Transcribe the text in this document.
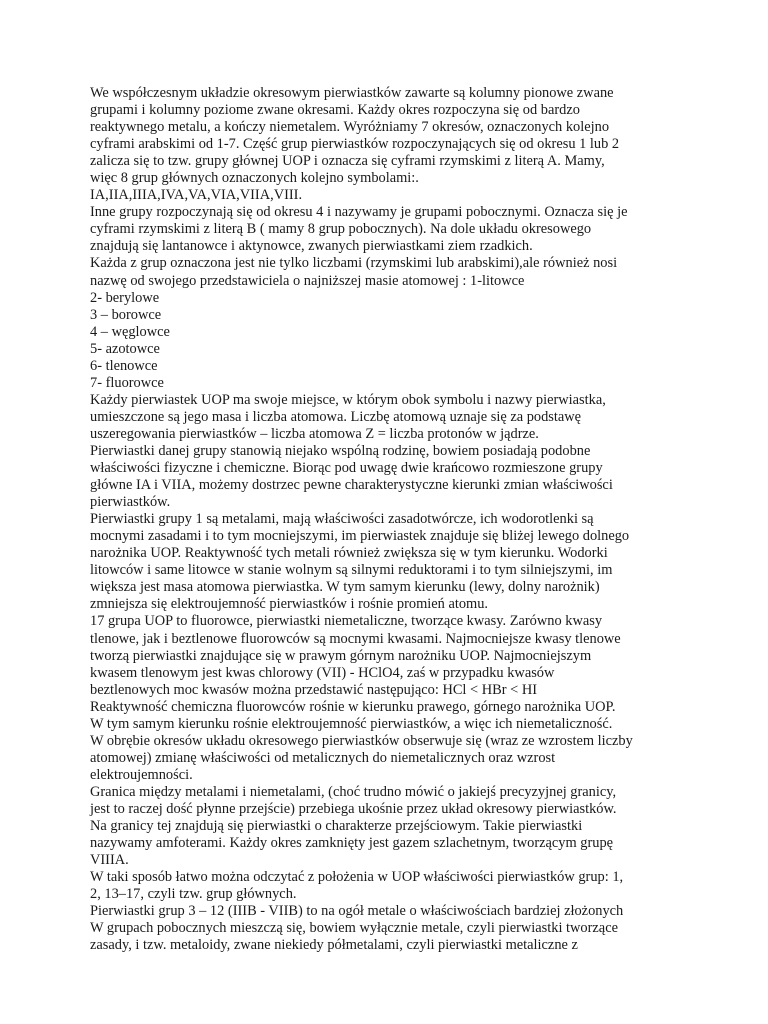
We współczesnym układzie okresowym pierwiastków zawarte są kolumny pionowe zwane
grupami i kolumny poziome zwane okresami. Każdy okres rozpoczyna się od bardzo
reaktywnego metalu, a kończy niemetalem. Wyróżniamy 7 okresów, oznaczonych kolejno
cyframi arabskimi od 1-7. Część grup pierwiastków rozpoczynających się od okresu 1 lub 2
zalicza się to tzw. grupy głównej UOP i oznacza się cyframi rzymskimi z literą A. Mamy,
więc 8 grup głównych oznaczonych kolejno symbolami:.
IA,IIA,IIIA,IVA,VA,VIA,VIIA,VIII.
Inne grupy rozpoczynają się od okresu 4 i nazywamy je grupami pobocznymi. Oznacza się je
cyframi rzymskimi z literą B ( mamy 8 grup pobocznych). Na dole układu okresowego
znajdują się lantanowce i aktynowce, zwanych pierwiastkami ziem rzadkich.
Każda z grup oznaczona jest nie tylko liczbami (rzymskimi lub arabskimi),ale również nosi
nazwę od swojego przedstawiciela o najniższej masie atomowej : 1-litowce
2- berylowe
3 – borowce
4 – węglowce
5- azotowce
6- tlenowce
7- fluorowce
Każdy pierwiastek UOP ma swoje miejsce, w którym obok symbolu i nazwy pierwiastka,
umieszczone są jego masa i liczba atomowa. Liczbę atomową uznaje się za podstawę
uszeregowania pierwiastków – liczba atomowa Z = liczba protonów w jądrze.
Pierwiastki danej grupy stanowią niejako wspólną rodzinę, bowiem posiadają podobne
właściwości fizyczne i chemiczne. Biorąc pod uwagę dwie krańcowo rozmieszone grupy
główne IA i VIIA, możemy dostrzec pewne charakterystyczne kierunki zmian właściwości
pierwiastków.
Pierwiastki grupy 1 są metalami, mają właściwości zasadotwórcze, ich wodorotlenki są
mocnymi zasadami i to tym mocniejszymi, im pierwiastek znajduje się bliżej lewego dolnego
narożnika UOP. Reaktywność tych metali również zwiększa się w tym kierunku. Wodorki
litowców i same litowce w stanie wolnym są silnymi reduktorami i to tym silniejszymi, im
większa jest masa atomowa pierwiastka. W tym samym kierunku (lewy, dolny narożnik)
zmniejsza się elektroujemność pierwiastków i rośnie promień atomu.
17 grupa UOP to fluorowce, pierwiastki niemetaliczne, tworzące kwasy. Zarówno kwasy
tlenowe, jak i beztlenowe fluorowców są mocnymi kwasami. Najmocniejsze kwasy tlenowe
tworzą pierwiastki znajdujące się w prawym górnym narożniku UOP. Najmocniejszym
kwasem tlenowym jest kwas chlorowy (VII) - HClO4, zaś w przypadku kwasów
beztlenowych moc kwasów można przedstawić następująco: HCl < HBr < HI
Reaktywność chemiczna fluorowców rośnie w kierunku prawego, górnego narożnika UOP.
W tym samym kierunku rośnie elektroujemność pierwiastków, a więc ich niemetaliczność.
W obrębie okresów układu okresowego pierwiastków obserwuje się (wraz ze wzrostem liczby
atomowej) zmianę właściwości od metalicznych do niemetalicznych oraz wzrost
elektroujemności.
Granica między metalami i niemetalami, (choć trudno mówić o jakiejś precyzyjnej granicy,
jest to raczej dość płynne przejście) przebiega ukośnie przez układ okresowy pierwiastków.
Na granicy tej znajdują się pierwiastki o charakterze przejściowym. Takie pierwiastki
nazywamy amfoterami. Każdy okres zamknięty jest gazem szlachetnym, tworzącym grupę
VIIIA.
W taki sposób łatwo można odczytać z położenia w UOP właściwości pierwiastków grup: 1,
2, 13–17, czyli tzw. grup głównych.
Pierwiastki grup 3 – 12 (IIIB - VIIB) to na ogół metale o właściwościach bardziej złożonych
W grupach pobocznych mieszczą się, bowiem wyłącznie metale, czyli pierwiastki tworzące
zasady, i tzw. metaloidy, zwane niekiedy półmetalami, czyli pierwiastki metaliczne z
